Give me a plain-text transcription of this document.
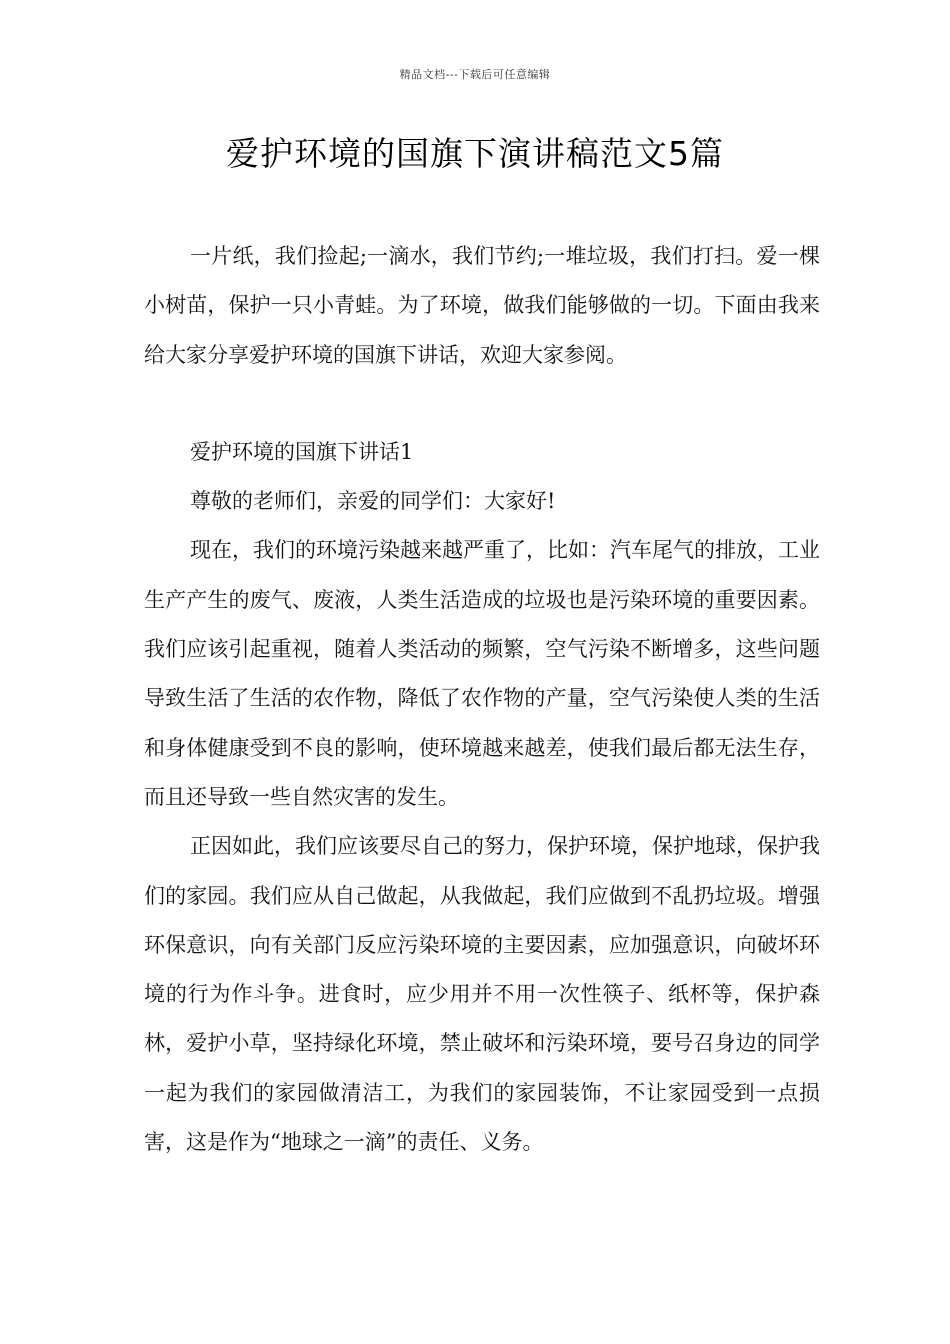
精品文档---下载后可任意编辑
爱护环境的国旗下演讲稿范文5篇

一片纸，我们捡起;一滴水，我们节约;一堆垃圾，我们打扫。爱一棵小树苗，保护一只小青蛙。为了环境，做我们能够做的一切。下面由我来给大家分享爱护环境的国旗下讲话，欢迎大家参阅。

爱护环境的国旗下讲话1

尊敬的老师们，亲爱的同学们：大家好!

现在，我们的环境污染越来越严重了，比如：汽车尾气的排放，工业生产产生的废气、废液，人类生活造成的垃圾也是污染环境的重要因素。我们应该引起重视，随着人类活动的频繁，空气污染不断增多，这些问题导致生活了生活的农作物，降低了农作物的产量，空气污染使人类的生活和身体健康受到不良的影响，使环境越来越差，使我们最后都无法生存，而且还导致一些自然灾害的发生。

正因如此，我们应该要尽自己的努力，保护环境，保护地球，保护我们的家园。我们应从自己做起，从我做起，我们应做到不乱扔垃圾。增强环保意识，向有关部门反应污染环境的主要因素，应加强意识，向破坏环境的行为作斗争。进食时，应少用并不用一次性筷子、纸杯等，保护森林，爱护小草，坚持绿化环境，禁止破坏和污染环境，要号召身边的同学一起为我们的家园做清洁工，为我们的家园装饰，不让家园受到一点损害，这是作为“地球之一滴”的责任、义务。
